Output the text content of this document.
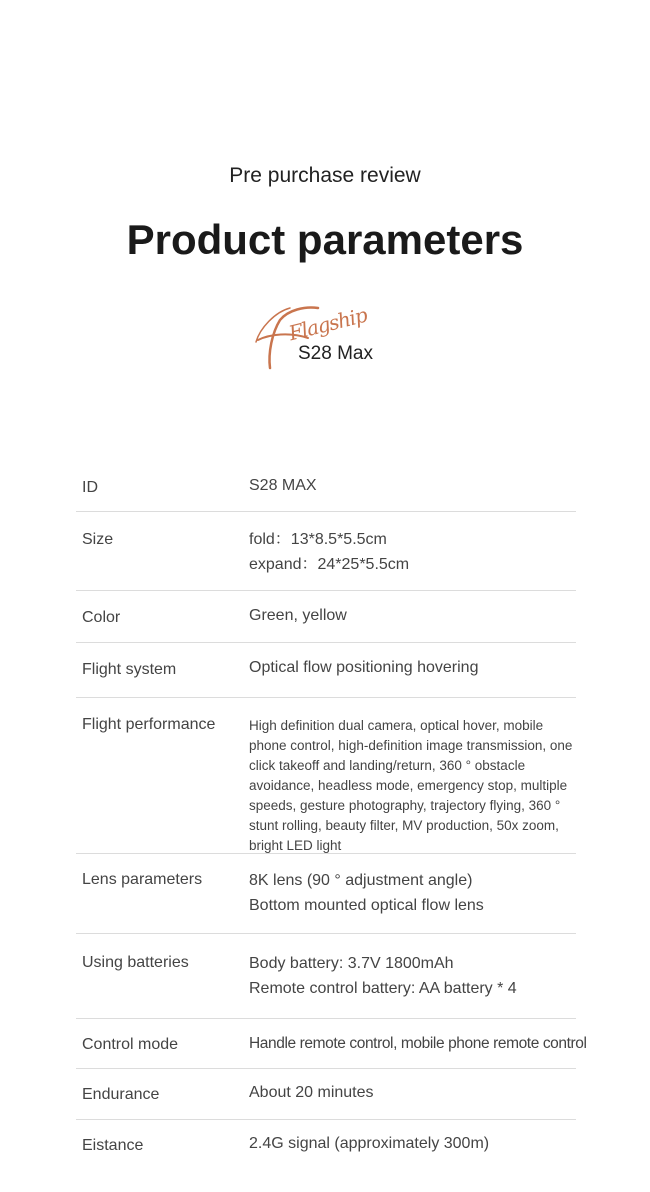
Pre purchase review
Product parameters
Flagship
S28 Max
ID	S28 MAX
Size	fold：13*8.5*5.5cm
expand：24*25*5.5cm
Color	Green, yellow
Flight system	Optical flow positioning hovering
Flight performance	High definition dual camera, optical hover, mobile phone control, high-definition image transmission, one click takeoff and landing/return, 360 ° obstacle avoidance, headless mode, emergency stop, multiple speeds, gesture photography, trajectory flying, 360 ° stunt rolling, beauty filter, MV production, 50x zoom, bright LED light
Lens parameters	8K lens (90 ° adjustment angle)
Bottom mounted optical flow lens
Using batteries	Body battery: 3.7V 1800mAh
Remote control battery: AA battery * 4
Control mode	Handle remote control, mobile phone remote control
Endurance	About 20 minutes
Eistance	2.4G signal (approximately 300m)
